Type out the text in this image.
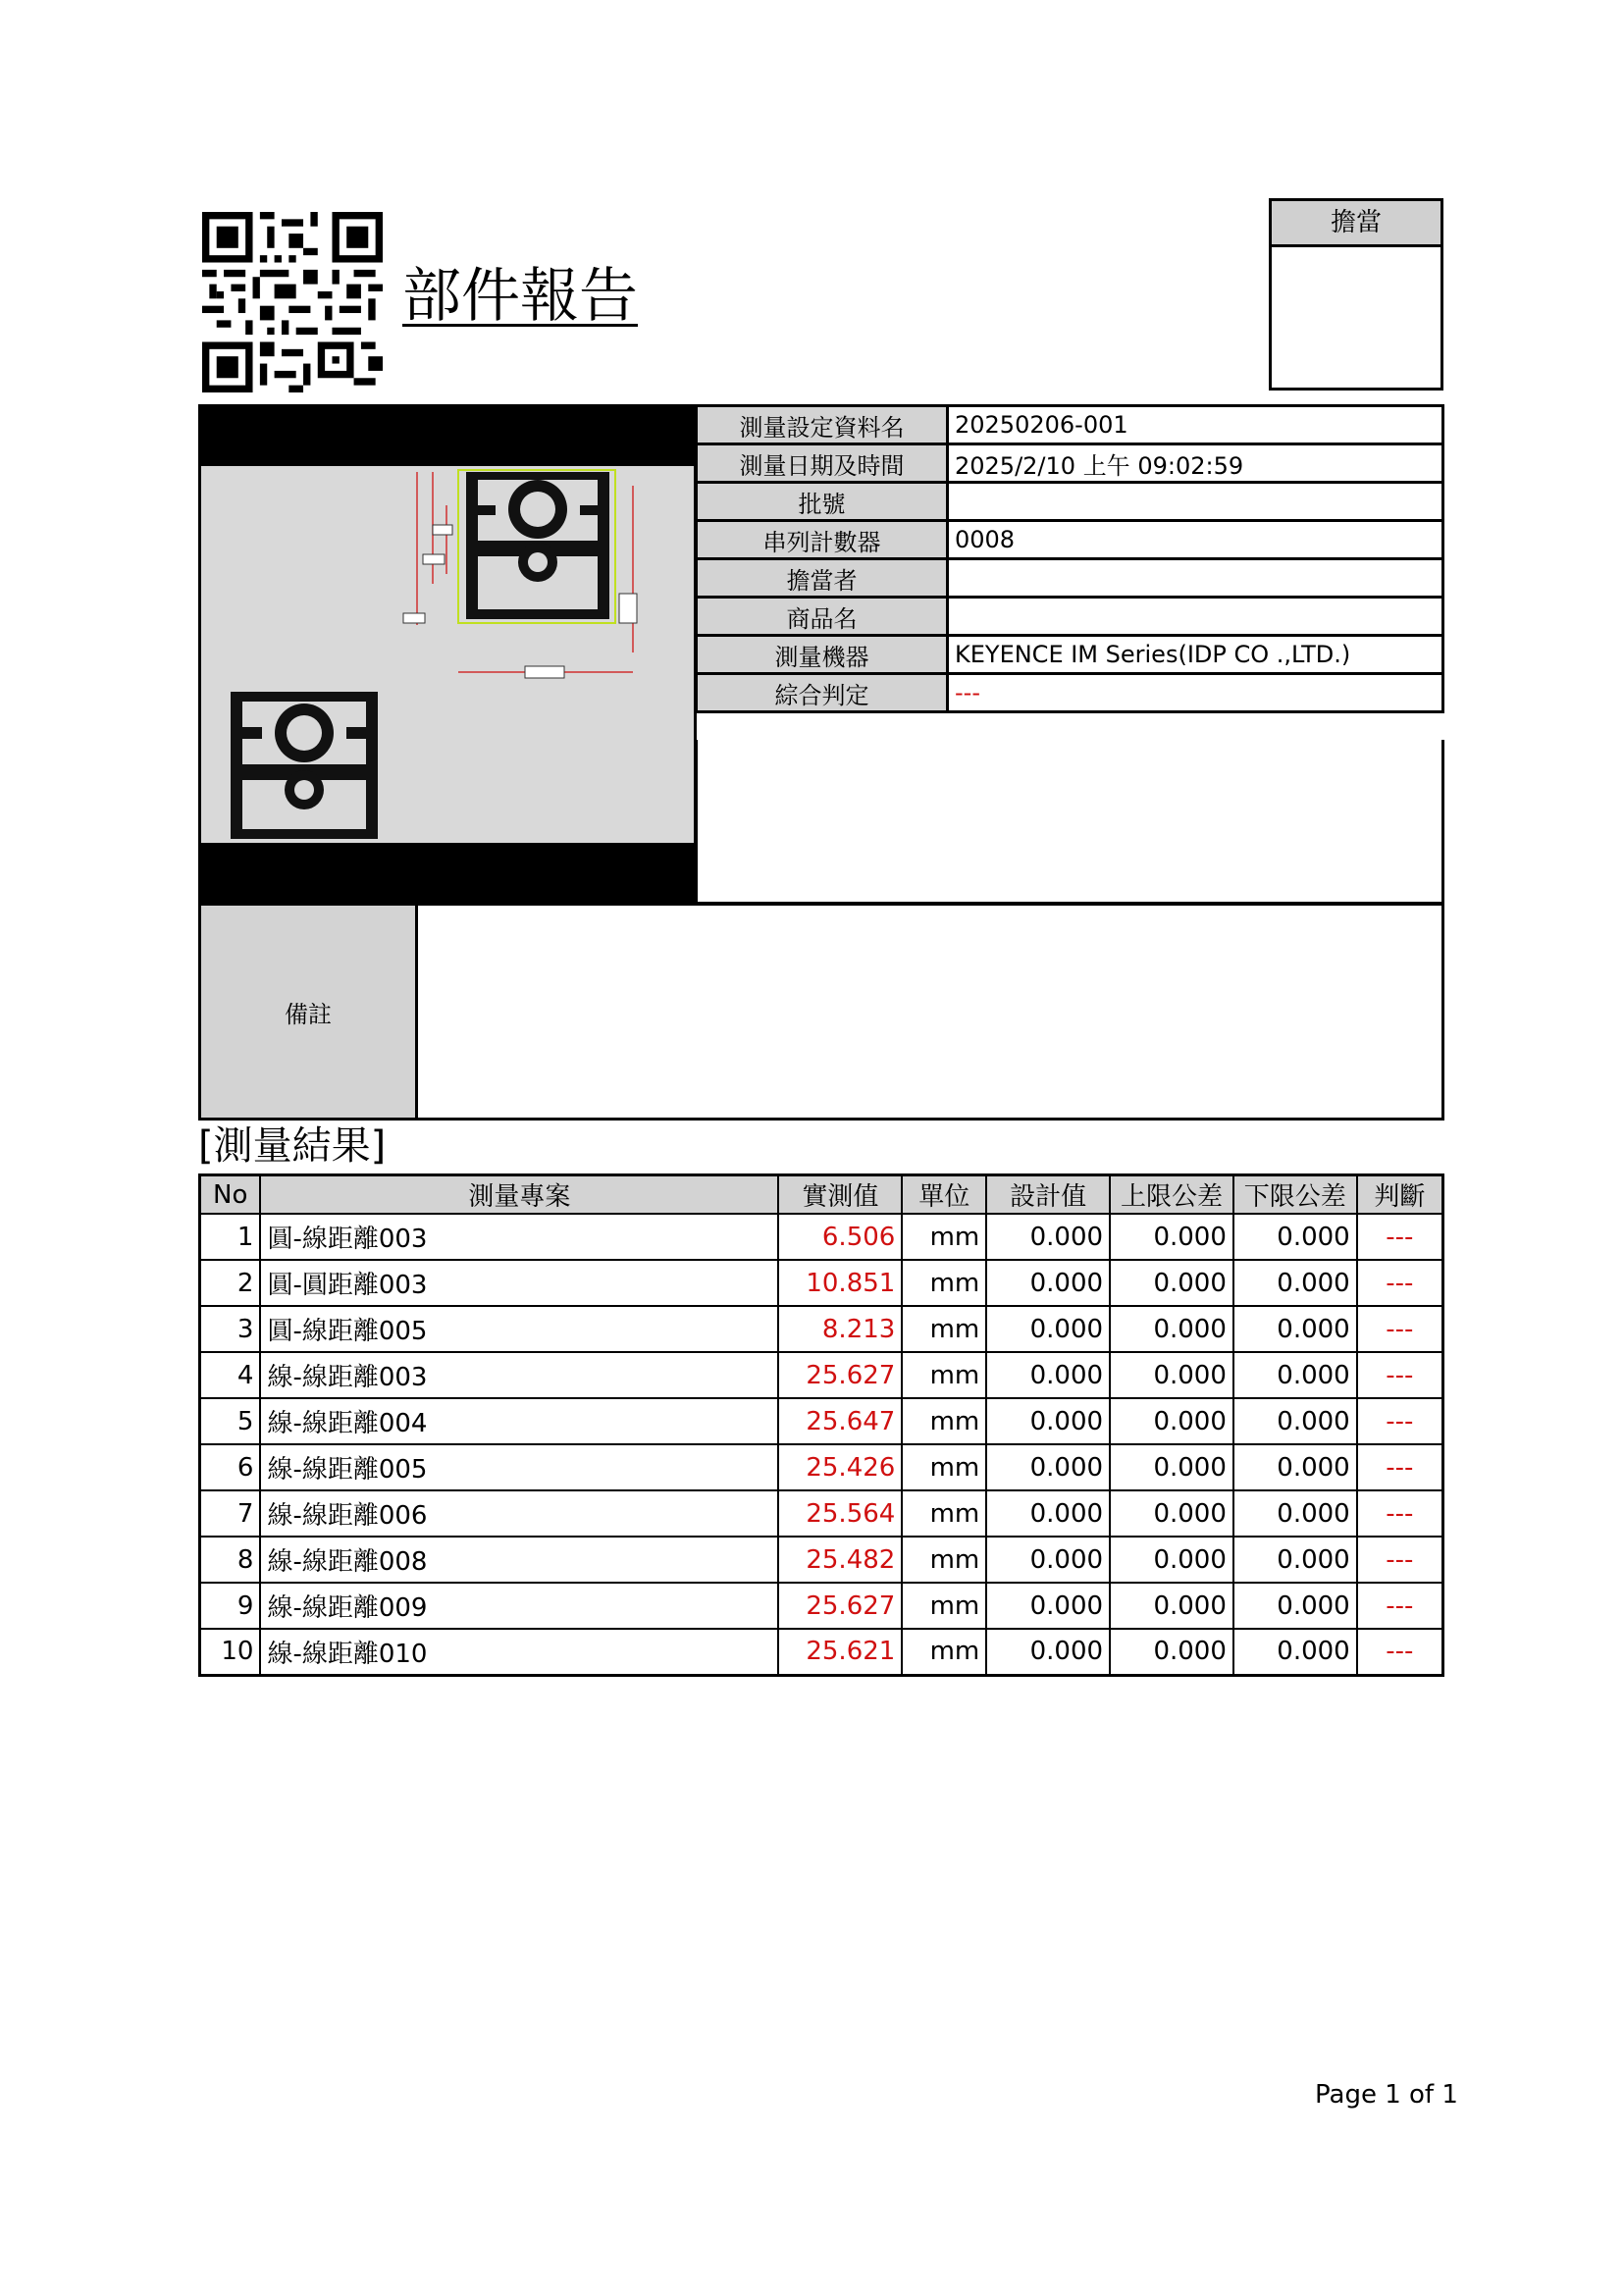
部件報告
擔當
測量設定資料名	20250206-001
測量日期及時間	2025/2/10 上午 09:02:59
批號	
串列計數器	0008
擔當者	
商品名	
測量機器	KEYENCE IM Series(IDP CO .,LTD.)
綜合判定	---
備註
[測量結果]
No	測量專案	實測值	單位	設計值	上限公差	下限公差	判斷
1	圓-線距離003	6.506	mm	0.000	0.000	0.000	---
2	圓-圓距離003	10.851	mm	0.000	0.000	0.000	---
3	圓-線距離005	8.213	mm	0.000	0.000	0.000	---
4	線-線距離003	25.627	mm	0.000	0.000	0.000	---
5	線-線距離004	25.647	mm	0.000	0.000	0.000	---
6	線-線距離005	25.426	mm	0.000	0.000	0.000	---
7	線-線距離006	25.564	mm	0.000	0.000	0.000	---
8	線-線距離008	25.482	mm	0.000	0.000	0.000	---
9	線-線距離009	25.627	mm	0.000	0.000	0.000	---
10	線-線距離010	25.621	mm	0.000	0.000	0.000	---
Page 1 of 1
